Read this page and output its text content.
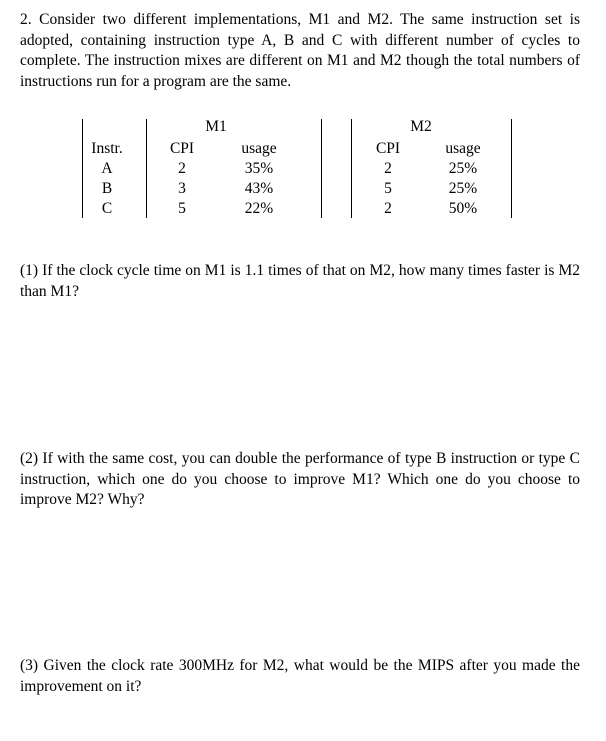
2. Consider two different implementations, M1 and M2. The same instruction set is adopted, containing instruction type A, B and C with different number of cycles to complete. The instruction mixes are different on M1 and M2 though the total numbers of instructions run for a program are the same.

M1	M2
Instr.	CPI	usage	CPI	usage
A	2	35%	2	25%
B	3	43%	5	25%
C	5	22%	2	50%

(1) If the clock cycle time on M1 is 1.1 times of that on M2, how many times faster is M2 than M1?

(2) If with the same cost, you can double the performance of type B instruction or type C instruction, which one do you choose to improve M1? Which one do you choose to improve M2? Why?

(3) Given the clock rate 300MHz for M2, what would be the MIPS after you made the improvement on it?
